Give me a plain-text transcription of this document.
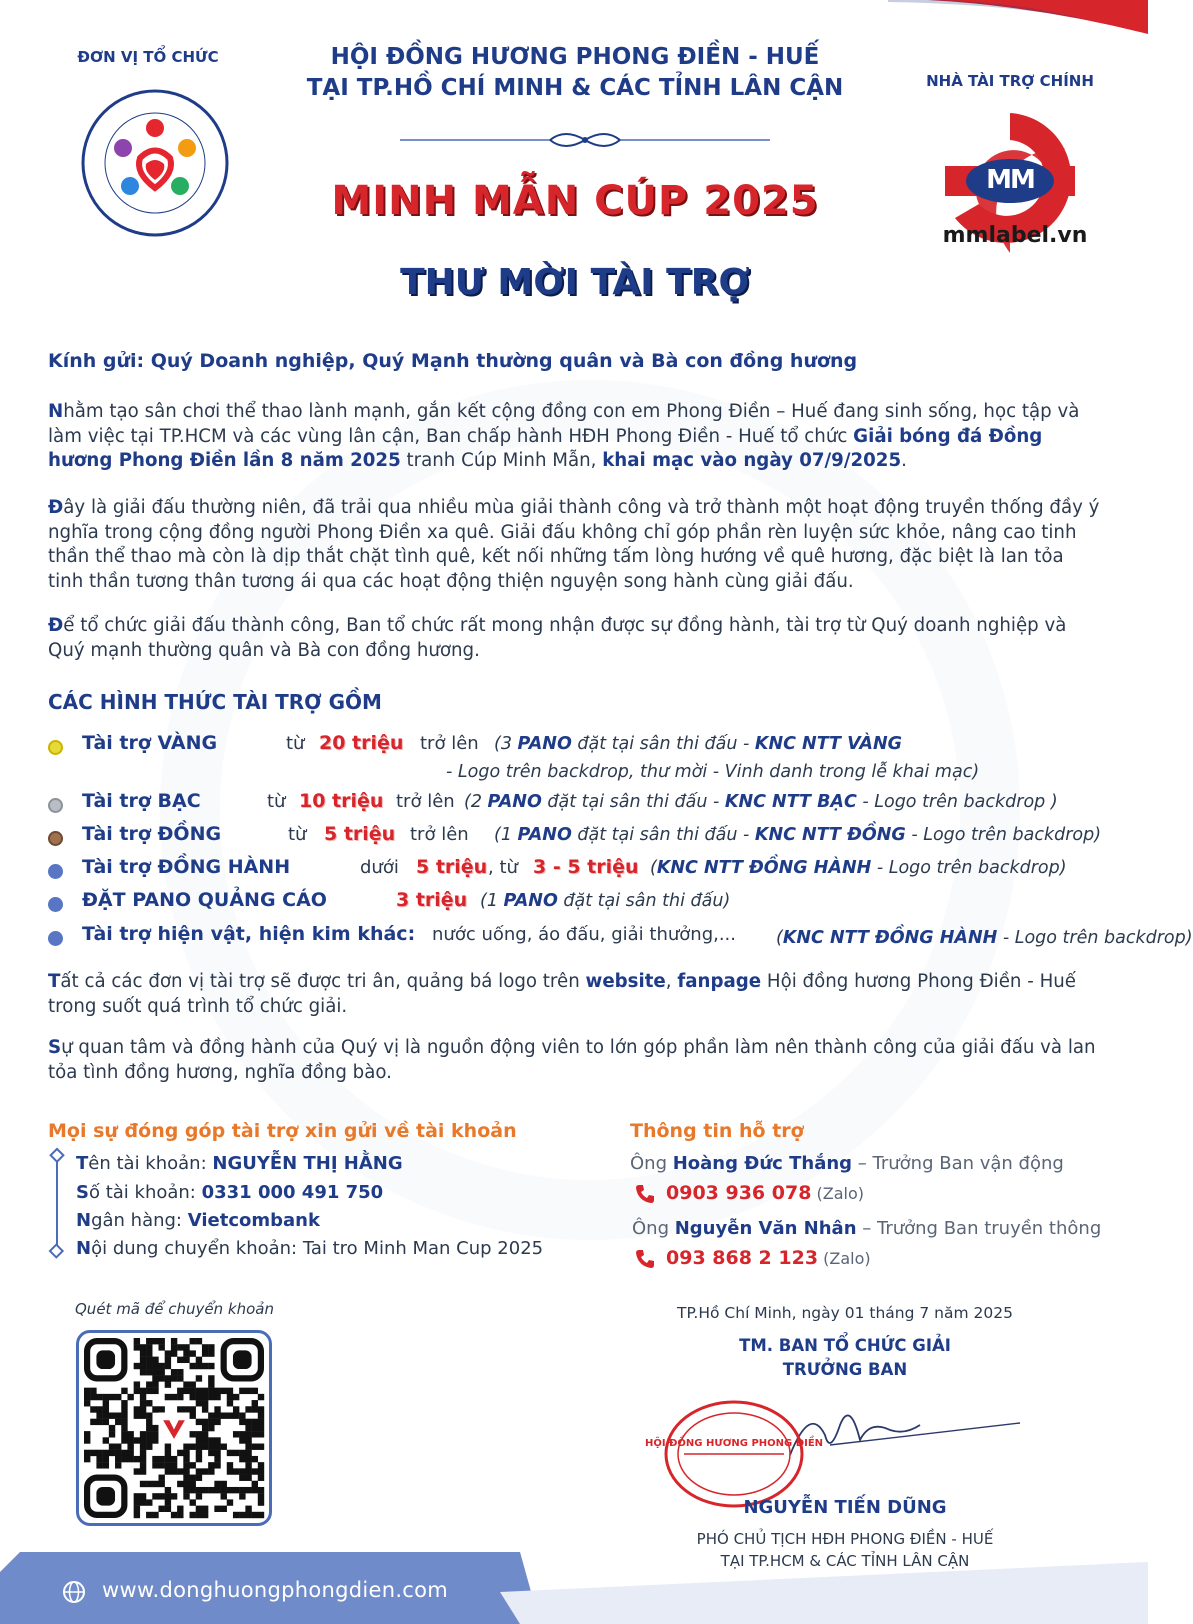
ĐƠN VỊ TỔ CHỨC	HỘI ĐỒNG HƯƠNG PHONG ĐIỀN - HUẾ
TẠI TP.HỒ CHÍ MINH & CÁC TỈNH LÂN CẬN
MINH MẪN CÚP 2025
THƯ MỜI TÀI TRỢ
NHÀ TÀI TRỢ CHÍNH
MM
mmlabel.vn
Kính gửi: Quý Doanh nghiệp, Quý Mạnh thường quân và Bà con đồng hương
Nhằm tạo sân chơi thể thao lành mạnh, gắn kết cộng đồng con em Phong Điền – Huế đang sinh sống, học tập và làm việc tại TP.HCM và các vùng lân cận, Ban chấp hành HĐH Phong Điền - Huế tổ chức Giải bóng đá Đồng hương Phong Điền lần 8 năm 2025 tranh Cúp Minh Mẫn, khai mạc vào ngày 07/9/2025.
Đây là giải đấu thường niên, đã trải qua nhiều mùa giải thành công và trở thành một hoạt động truyền thống đầy ý nghĩa trong cộng đồng người Phong Điền xa quê. Giải đấu không chỉ góp phần rèn luyện sức khỏe, nâng cao tinh thần thể thao mà còn là dịp thắt chặt tình quê, kết nối những tấm lòng hướng về quê hương, đặc biệt là lan tỏa tinh thần tương thân tương ái qua các hoạt động thiện nguyện song hành cùng giải đấu.
Để tổ chức giải đấu thành công, Ban tổ chức rất mong nhận được sự đồng hành, tài trợ từ Quý doanh nghiệp và Quý mạnh thường quân và Bà con đồng hương.
CÁC HÌNH THỨC TÀI TRỢ GỒM
Tài trợ VÀNG	từ 20 triệu trở lên (3 PANO đặt tại sân thi đấu - KNC NTT VÀNG
- Logo trên backdrop, thư mời - Vinh danh trong lễ khai mạc)
Tài trợ BẠC	từ 10 triệu trở lên (2 PANO đặt tại sân thi đấu - KNC NTT BẠC - Logo trên backdrop )
Tài trợ ĐỒNG	từ 5 triệu trở lên (1 PANO đặt tại sân thi đấu - KNC NTT ĐỒNG - Logo trên backdrop)
Tài trợ ĐỒNG HÀNH	dưới 5 triệu , từ 3 - 5 triệu (KNC NTT ĐỒNG HÀNH - Logo trên backdrop)
ĐẶT PANO QUẢNG CÁO	3 triệu (1 PANO đặt tại sân thi đấu)
Tài trợ hiện vật, hiện kim khác: nước uống, áo đấu, giải thưởng,... (KNC NTT ĐỒNG HÀNH - Logo trên backdrop)
Tất cả các đơn vị tài trợ sẽ được tri ân, quảng bá logo trên website, fanpage Hội đồng hương Phong Điền - Huế trong suốt quá trình tổ chức giải.
Sự quan tâm và đồng hành của Quý vị là nguồn động viên to lớn góp phần làm nên thành công của giải đấu và lan tỏa tình đồng hương, nghĩa đồng bào.
Mọi sự đóng góp tài trợ xin gửi về tài khoản
Tên tài khoản: NGUYỄN THỊ HẰNG
Số tài khoản: 0331 000 491 750
Ngân hàng: Vietcombank
Nội dung chuyển khoản: Tai tro Minh Man Cup 2025
Thông tin hỗ trợ
Ông Hoàng Đức Thắng – Trưởng Ban vận động
0903 936 078 (Zalo)
Ông Nguyễn Văn Nhân – Trưởng Ban truyền thông
093 868 2 123 (Zalo)
Quét mã để chuyển khoản	TP.Hồ Chí Minh, ngày 01 tháng 7 năm 2025
TM. BAN TỔ CHỨC GIẢI
TRƯỞNG BAN
HỘI ĐỒNG HƯƠNG PHONG ĐIỀN
NGUYỄN TIẾN DŨNG
PHÓ CHỦ TỊCH HĐH PHONG ĐIỀN - HUẾ
TẠI TP.HCM & CÁC TỈNH LÂN CẬN
www.donghuongphongdien.com
